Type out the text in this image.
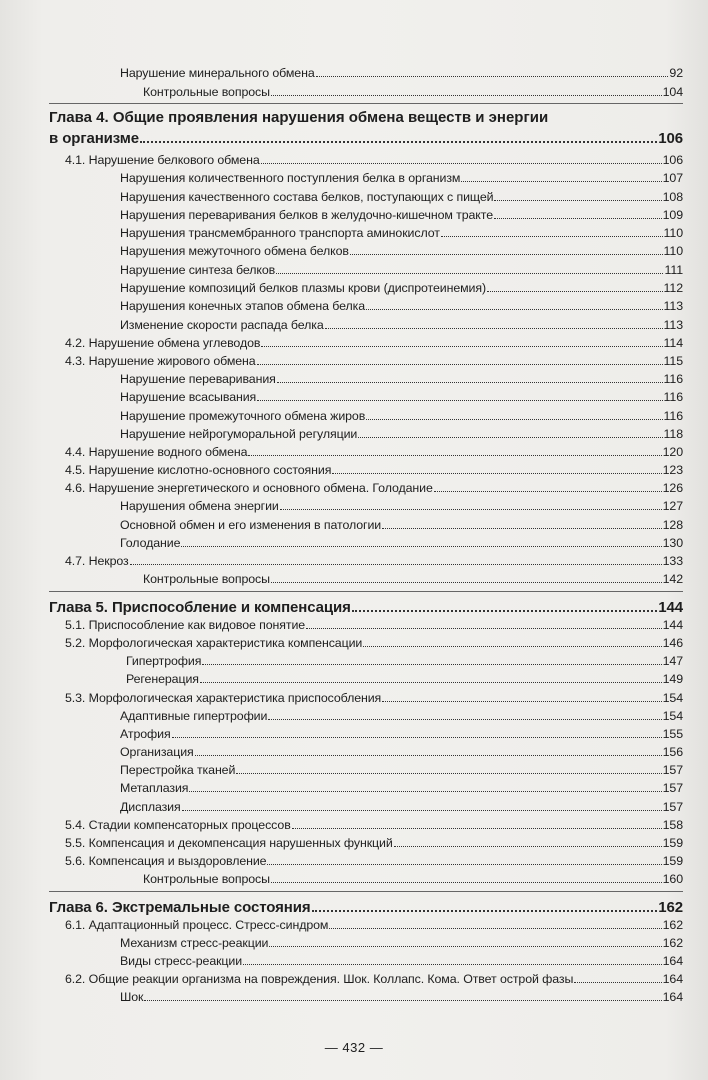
Нарушение минерального обмена	92
Контрольные вопросы	104
Глава 4. Общие проявления нарушения обмена веществ и энергии
в организме	106
4.1. Нарушение белкового обмена	106
Нарушения количественного поступления белка в организм	107
Нарушения качественного состава белков, поступающих с пищей	108
Нарушения переваривания белков в желудочно-кишечном тракте	109
Нарушения трансмембранного транспорта аминокислот	110
Нарушения межуточного обмена белков	110
Нарушение синтеза белков	111
Нарушение композиций белков плазмы крови (диспротеинемия)	112
Нарушения конечных этапов обмена белка	113
Изменение скорости распада белка	113
4.2. Нарушение обмена углеводов	114
4.3. Нарушение жирового обмена	115
Нарушение переваривания	116
Нарушение всасывания	116
Нарушение промежуточного обмена жиров	116
Нарушение нейрогуморальной регуляции	118
4.4. Нарушение водного обмена	120
4.5. Нарушение кислотно-основного состояния	123
4.6. Нарушение энергетического и основного обмена. Голодание	126
Нарушения обмена энергии	127
Основной обмен и его изменения в патологии	128
Голодание	130
4.7. Некроз	133
Контрольные вопросы	142
Глава 5. Приспособление и компенсация	144
5.1. Приспособление как видовое понятие	144
5.2. Морфологическая характеристика компенсации	146
Гипертрофия	147
Регенерация	149
5.3. Морфологическая характеристика приспособления	154
Адаптивные гипертрофии	154
Атрофия	155
Организация	156
Перестройка тканей	157
Метаплазия	157
Дисплазия	157
5.4. Стадии компенсаторных процессов	158
5.5. Компенсация и декомпенсация нарушенных функций	159
5.6. Компенсация и выздоровление	159
Контрольные вопросы	160
Глава 6. Экстремальные состояния	162
6.1. Адаптационный процесс. Стресс-синдром	162
Механизм стресс-реакции	162
Виды стресс-реакции	164
6.2. Общие реакции организма на повреждения. Шок. Коллапс. Кома. Ответ острой фазы	164
Шок	164
— 432 —
